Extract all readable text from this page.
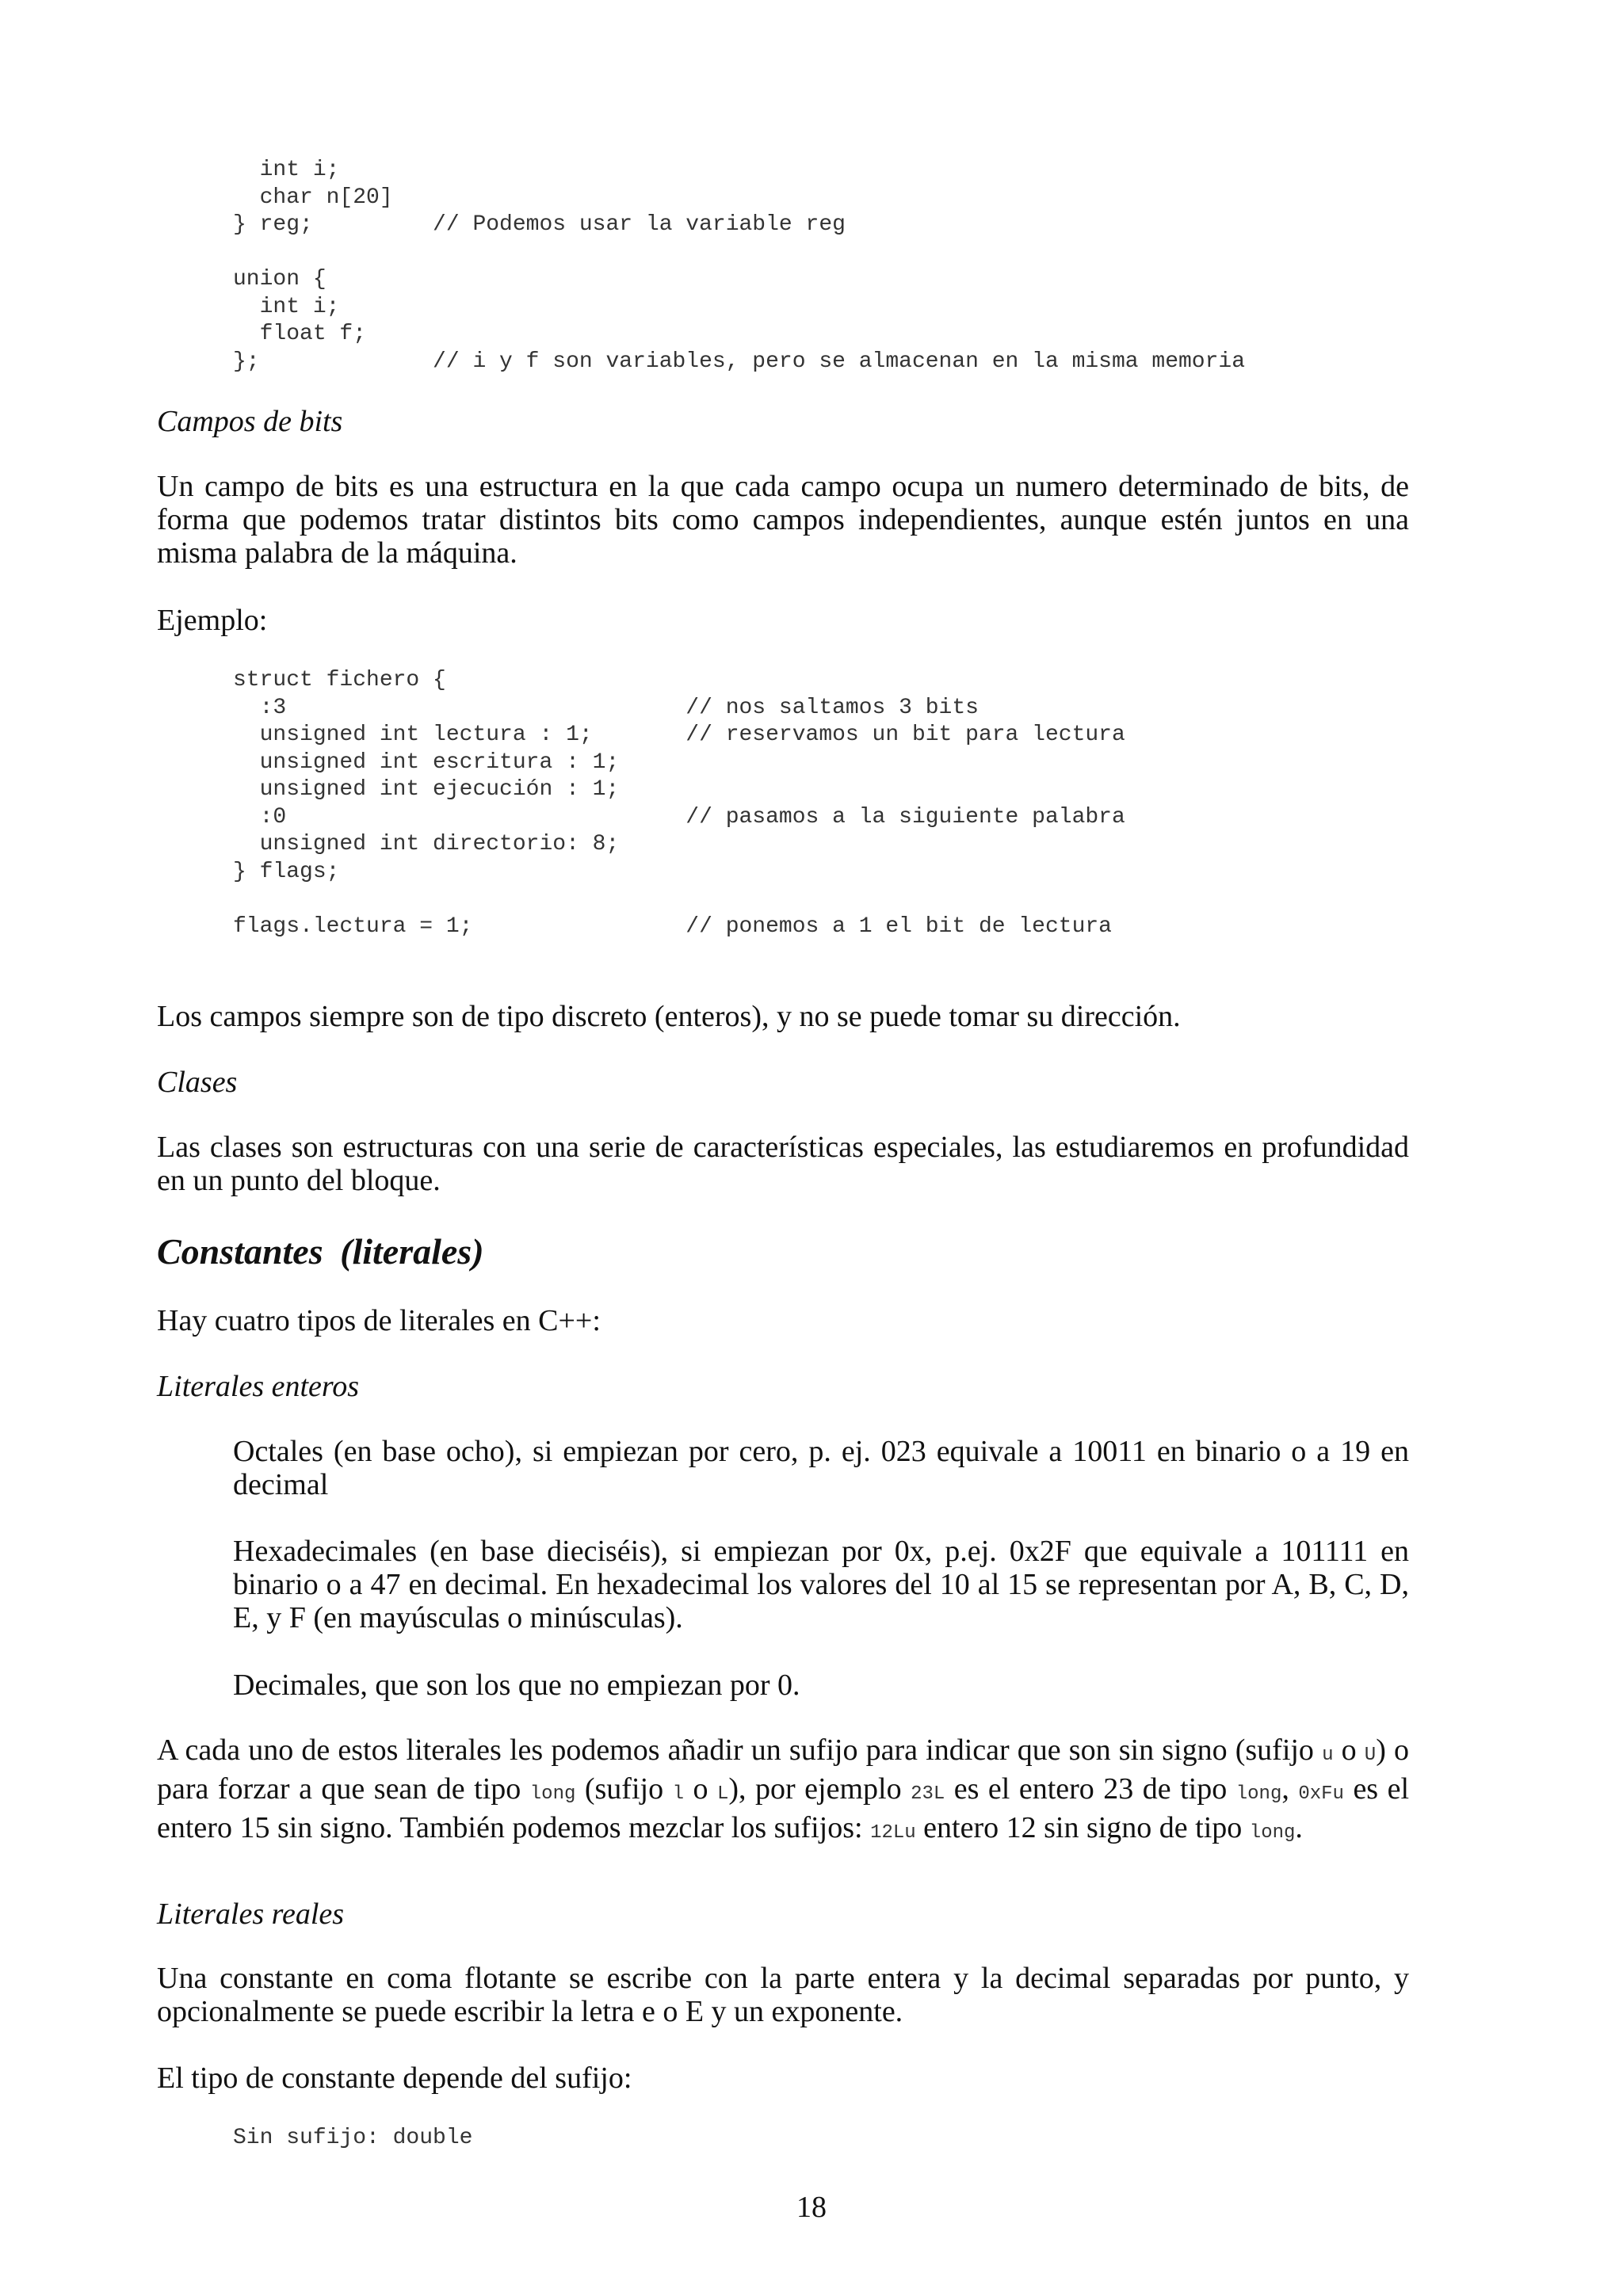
int i;
char n[20]
} reg;         // Podemos usar la variable reg

union {
int i;
float f;
};             // i y f son variables, pero se almacenan en la misma memoria

Campos de bits

Un campo de bits es una estructura en la que cada campo ocupa un numero determinado de bits, de forma que podemos tratar distintos bits como campos independientes, aunque estén juntos en una misma palabra de la máquina.

Ejemplo:

struct fichero {
:3                              // nos saltamos 3 bits
unsigned int lectura : 1;       // reservamos un bit para lectura
unsigned int escritura : 1;
unsigned int ejecución : 1;
:0                              // pasamos a la siguiente palabra
unsigned int directorio: 8;
} flags;

flags.lectura = 1;                // ponemos a 1 el bit de lectura

Los campos siempre son de tipo discreto (enteros), y no se puede tomar su dirección.

Clases

Las clases son estructuras con una serie de características especiales, las estudiaremos en profundidad en un punto del bloque.

Constantes (literales)

Hay cuatro tipos de literales en C++:

Literales enteros

Octales (en base ocho), si empiezan por cero, p. ej. 023 equivale a 10011 en binario o a 19 en decimal

Hexadecimales (en base dieciséis), si empiezan por 0x, p.ej. 0x2F que equivale a 101111 en binario o a 47 en decimal. En hexadecimal los valores del 10 al 15 se representan por A, B, C, D, E, y F (en mayúsculas o minúsculas).

Decimales, que son los que no empiezan por 0.

A cada uno de estos literales les podemos añadir un sufijo para indicar que son sin signo (sufijo u o U) o para forzar a que sean de tipo long (sufijo l o L), por ejemplo 23L es el entero 23 de tipo long, 0xFu es el entero 15 sin signo. También podemos mezclar los sufijos: 12Lu entero 12 sin signo de tipo long.

Literales reales

Una constante en coma flotante se escribe con la parte entera y la decimal separadas por punto, y opcionalmente se puede escribir la letra e o E y un exponente.

El tipo de constante depende del sufijo:

Sin sufijo: double
18
